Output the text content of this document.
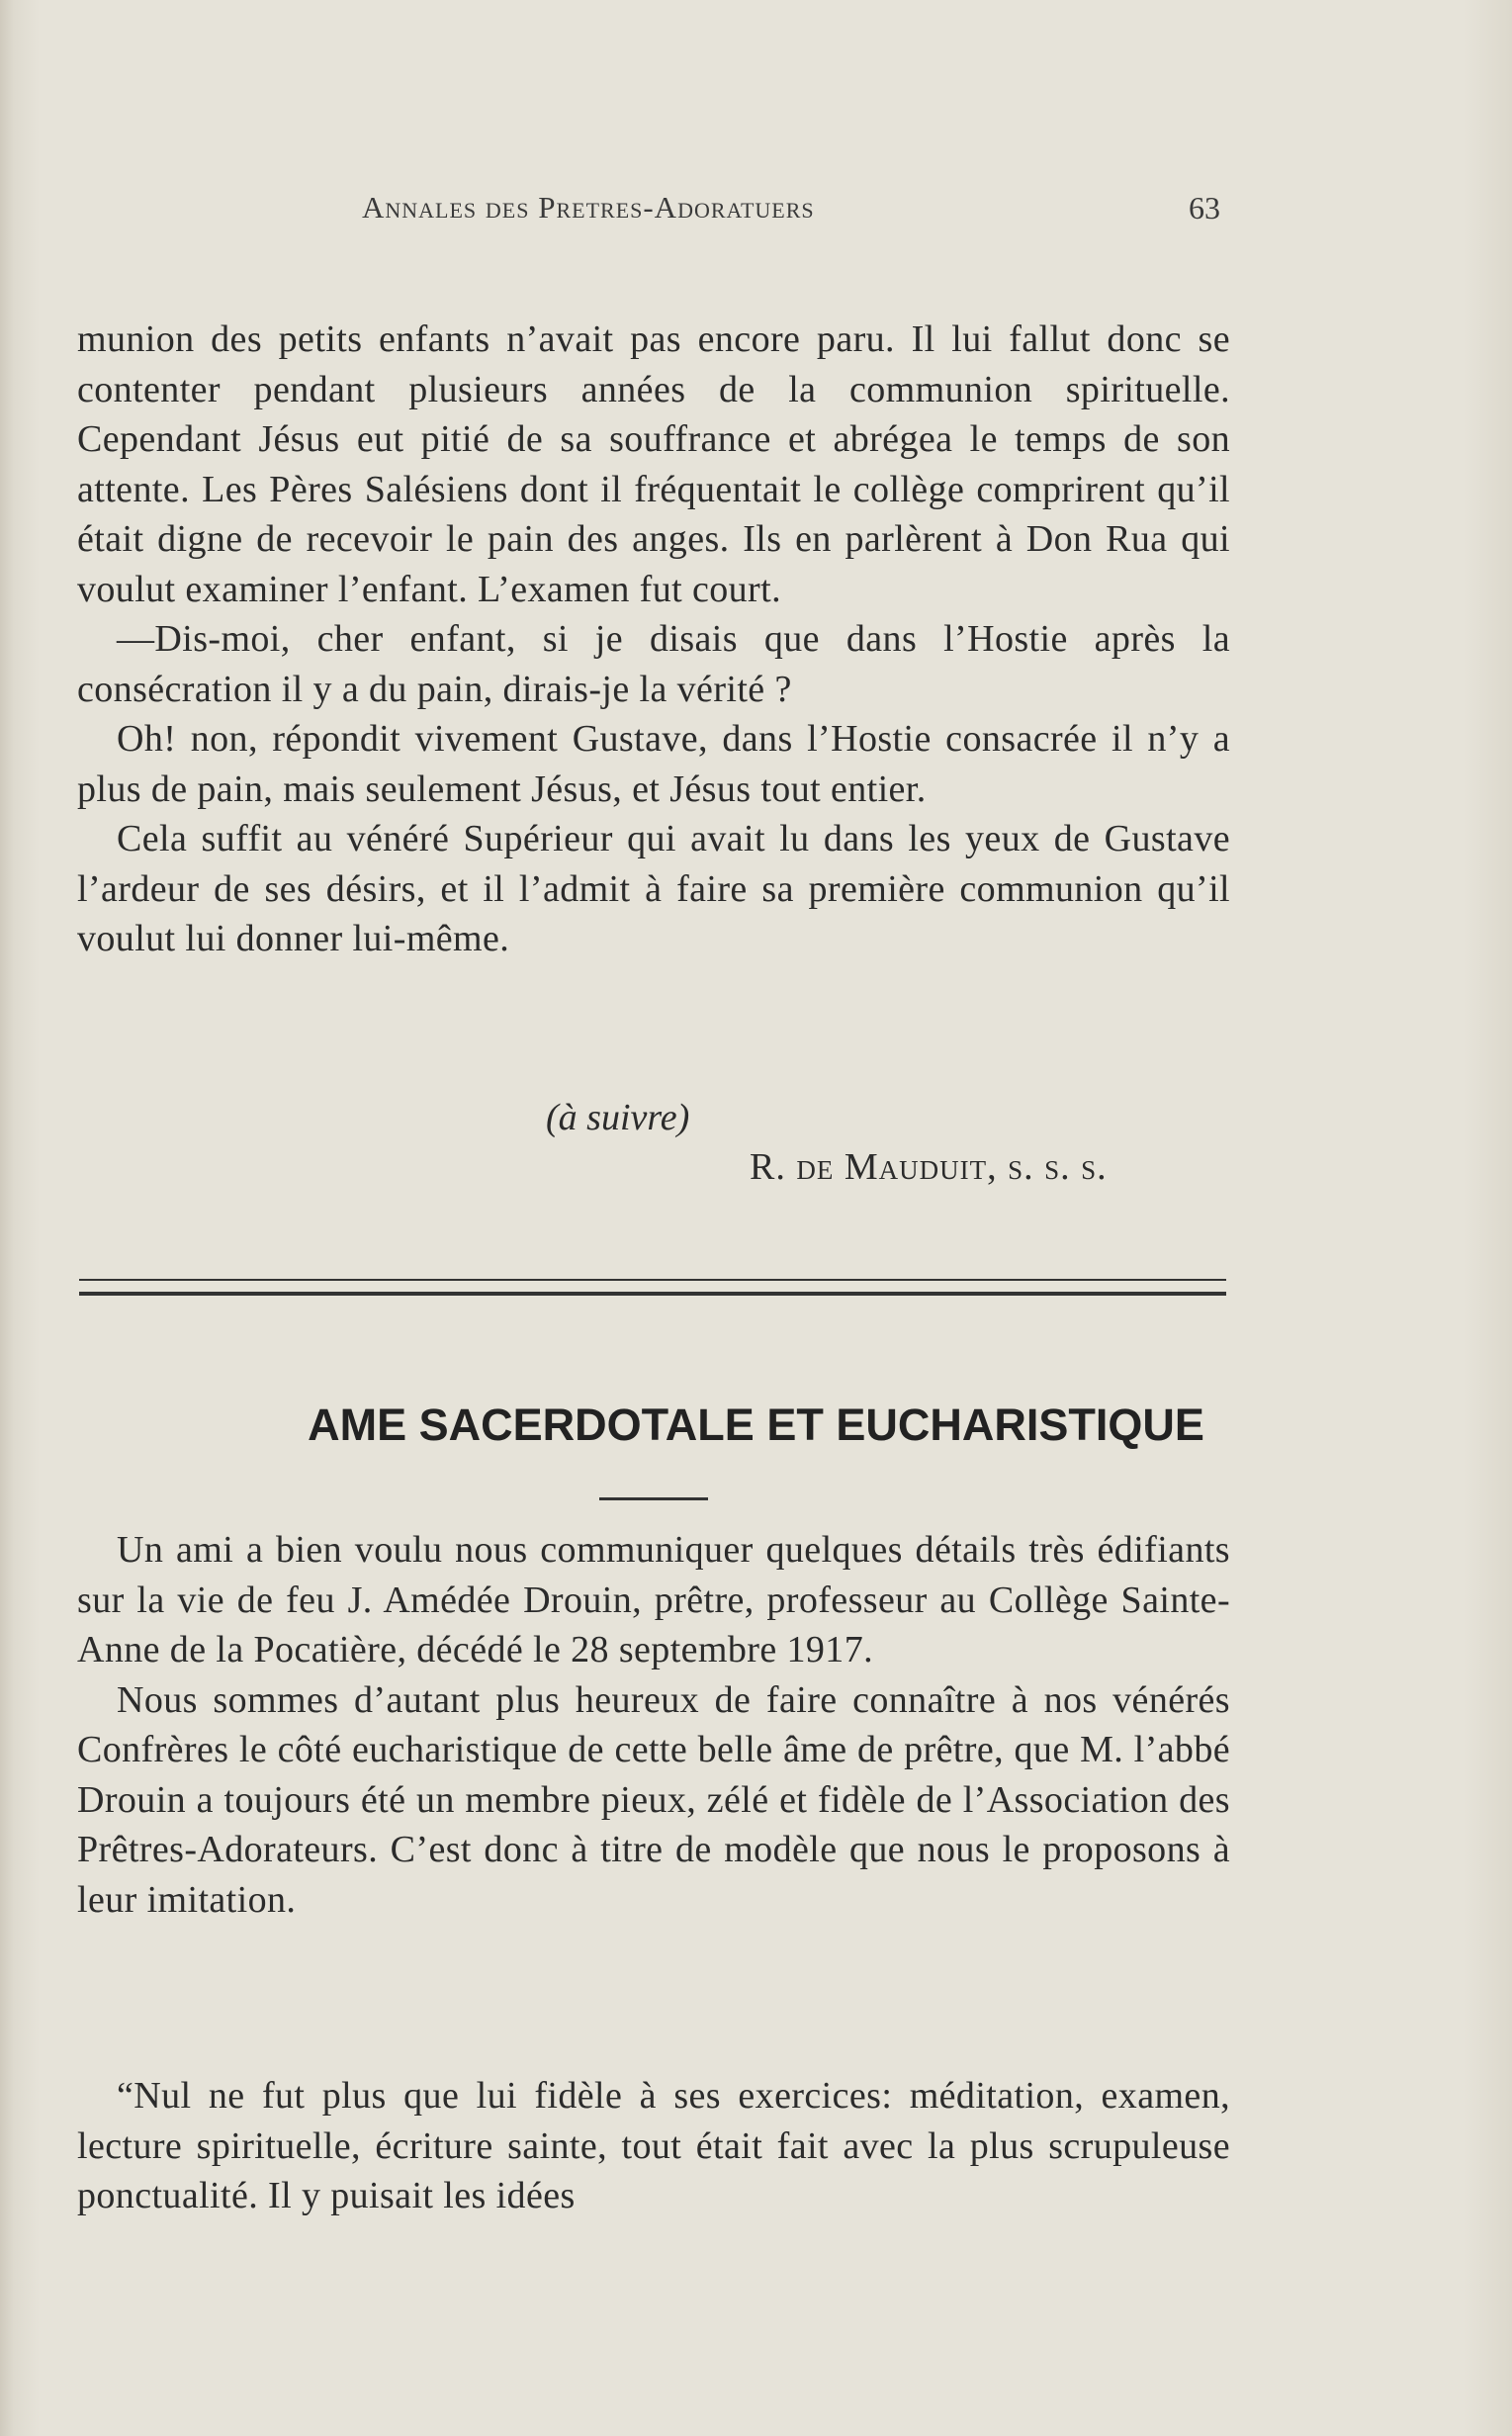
Annales des Pretres-Adoratuers	63

munion des petits enfants n’avait pas encore paru. Il lui fallut donc se contenter pendant plusieurs années de la communion spirituelle. Cependant Jésus eut pitié de sa souffrance et abrégea le temps de son attente. Les Pères Salésiens dont il fréquentait le collège comprirent qu’il était digne de recevoir le pain des anges. Ils en parlèrent à Don Rua qui voulut examiner l’enfant. L’examen fut court.

—Dis-moi, cher enfant, si je disais que dans l’Hostie après la consécration il y a du pain, dirais-je la vérité ?

Oh! non, répondit vivement Gustave, dans l’Hostie consacrée il n’y a plus de pain, mais seulement Jésus, et Jésus tout entier.

Cela suffit au vénéré Supérieur qui avait lu dans les yeux de Gustave l’ardeur de ses désirs, et il l’admit à faire sa première communion qu’il voulut lui donner lui-même.

(à suivre)
R. de Mauduit, s. s. s.
AME SACERDOTALE ET EUCHARISTIQUE

Un ami a bien voulu nous communiquer quelques détails très édifiants sur la vie de feu J. Amédée Drouin, prêtre, professeur au Collège Sainte-Anne de la Pocatière, décédé le 28 septembre 1917.

Nous sommes d’autant plus heureux de faire connaître à nos vénérés Confrères le côté eucharistique de cette belle âme de prêtre, que M. l’abbé Drouin a toujours été un membre pieux, zélé et fidèle de l’Association des Prêtres-Adorateurs. C’est donc à titre de modèle que nous le proposons à leur imitation.

“Nul ne fut plus que lui fidèle à ses exercices: méditation, examen, lecture spirituelle, écriture sainte, tout était fait avec la plus scrupuleuse ponctualité. Il y puisait les idées
